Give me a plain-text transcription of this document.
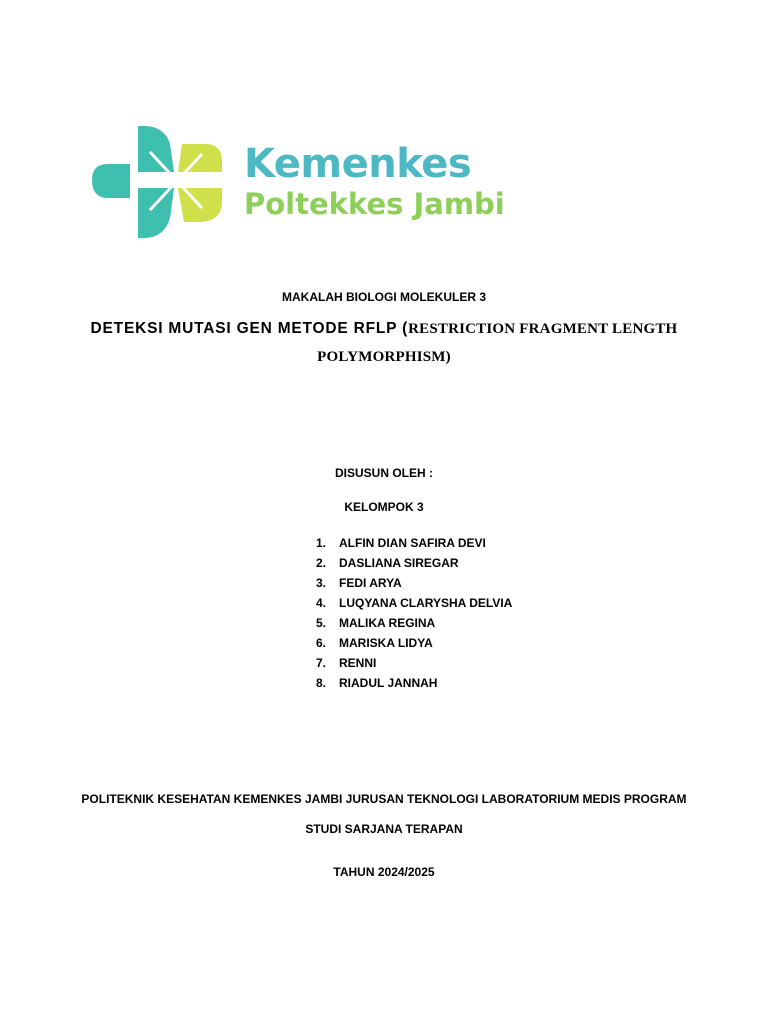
Kemenkes
Poltekkes Jambi
MAKALAH BIOLOGI MOLEKULER 3
DETEKSI MUTASI GEN METODE RFLP (RESTRICTION FRAGMENT LENGTH
POLYMORPHISM)
DISUSUN OLEH :
KELOMPOK 3
1. ALFIN DIAN SAFIRA DEVI
2. DASLIANA SIREGAR
3. FEDI ARYA
4. LUQYANA CLARYSHA DELVIA
5. MALIKA REGINA
6. MARISKA LIDYA
7. RENNI
8. RIADUL JANNAH
POLITEKNIK KESEHATAN KEMENKES JAMBI JURUSAN TEKNOLOGI LABORATORIUM MEDIS PROGRAM
STUDI SARJANA TERAPAN
TAHUN 2024/2025
